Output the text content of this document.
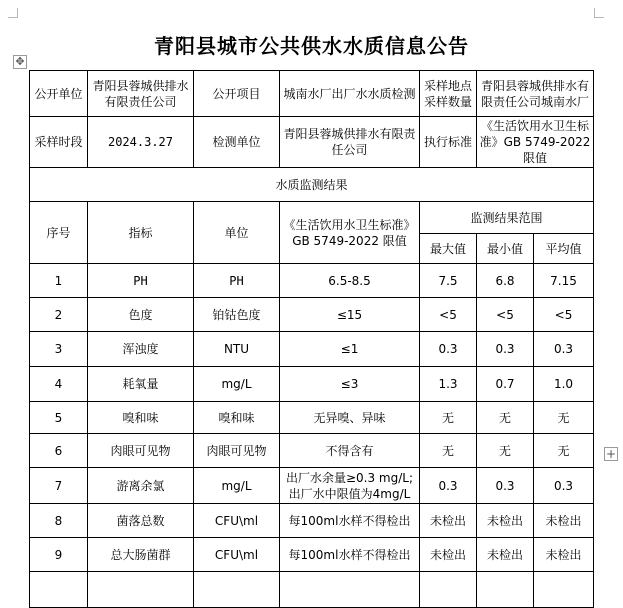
青阳县城市公共供水水质信息公告
✥
公开单位	青阳县蓉城供排水有限责任公司	公开项目	城南水厂出厂水水质检测	采样地点采样数量	青阳县蓉城供排水有限责任公司城南水厂	
采样时段	2024.3.27	检测单位	青阳县蓉城供排水有限责任公司	执行标准	《生活饮用水卫生标准》GB 5749-2022 限值	
水质监测结果						
序号	指标	单位	《生活饮用水卫生标准》GB 5749-2022 限值	监测结果范围		
				最大值	最小值	平均值
1	PH	PH	6.5-8.5	7.5	6.8	7.15
2	色度	铂钴色度	≤15	<5	<5	<5
3	浑浊度	NTU	≤1	0.3	0.3	0.3
4	耗氧量	mg/L	≤3	1.3	0.7	1.0
5	嗅和味	嗅和味	无异嗅、异味	无	无	无
6	肉眼可见物	肉眼可见物	不得含有	无	无	无
7	游离余氯	mg/L	出厂水余量≥0.3 mg/L;出厂水中限值为4mg/L	0.3	0.3	0.3
8	菌落总数	CFU\ml	每100ml水样不得检出	未检出	未检出	未检出
9	总大肠菌群	CFU\ml	每100ml水样不得检出	未检出	未检出	未检出

+
